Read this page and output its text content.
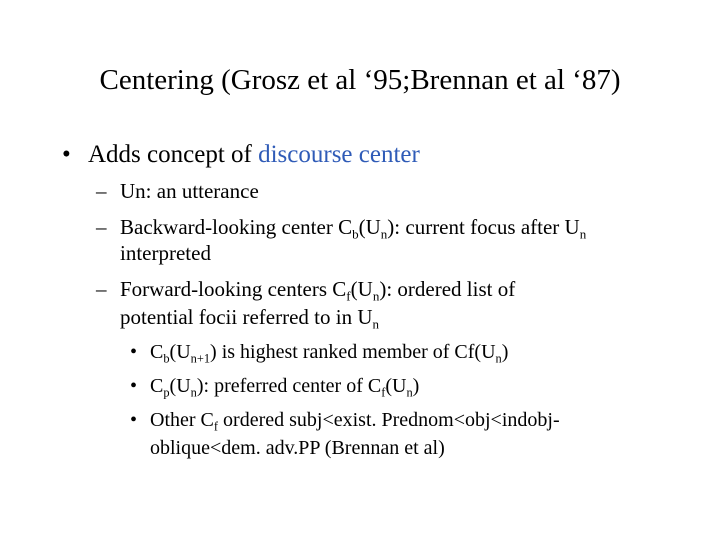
Centering (Grosz et al ‘95;Brennan et al ‘87)
• Adds concept of discourse center
– Un: an utterance
– Backward-looking center $C_b(U_n)$: current focus after $U_n$
interpreted
– Forward-looking centers $C_f(U_n)$: ordered list of
potential focii referred to in $U_n$
• $C_b(U_{n+1})$ is highest ranked member of $Cf(U_n)$
• $C_p(U_n)$: preferred center of $C_f(U_n)$
• Other $C_f$ ordered subj<exist. Prednom<obj<indobj-
oblique<dem. adv.PP (Brennan et al)
